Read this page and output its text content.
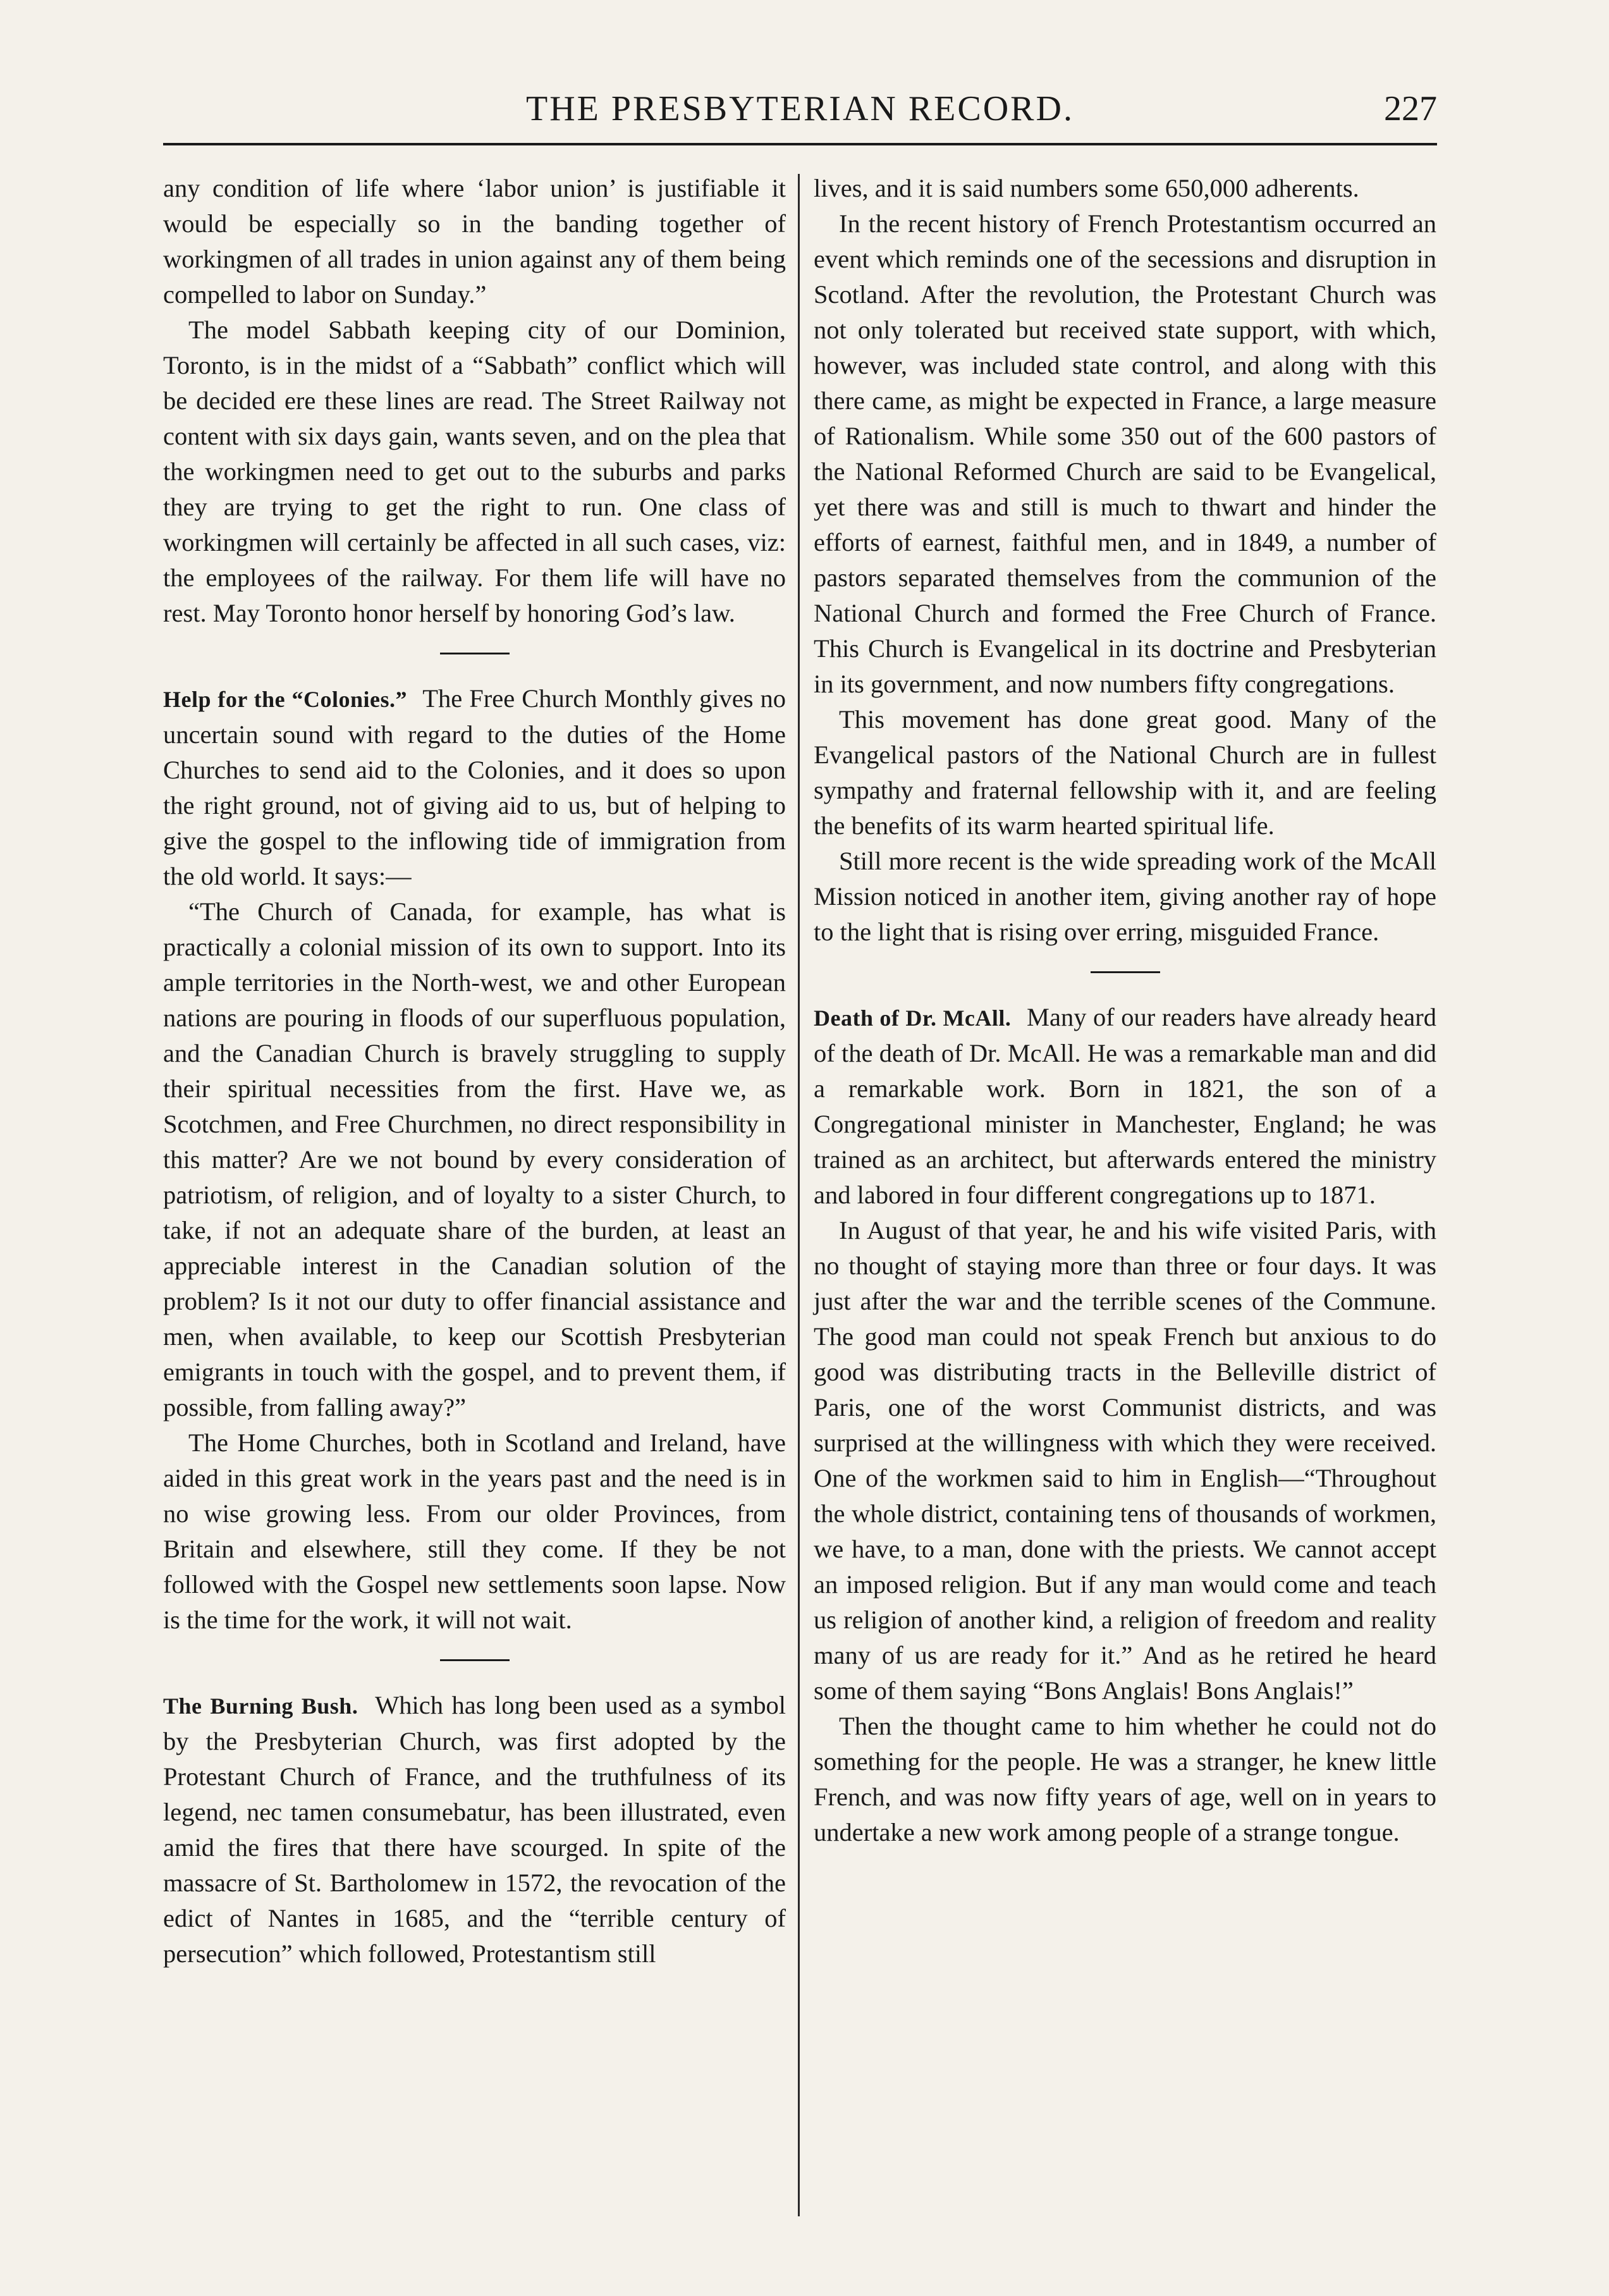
THE PRESBYTERIAN RECORD.	227

any condition of life where ‘labor union’ is justifiable it would be especially so in the banding together of workingmen of all trades in union against any of them being compelled to labor on Sunday.”

The model Sabbath keeping city of our Dominion, Toronto, is in the midst of a “Sabbath” conflict which will be decided ere these lines are read. The Street Railway not content with six days gain, wants seven, and on the plea that the workingmen need to get out to the suburbs and parks they are trying to get the right to run. One class of workingmen will certainly be affected in all such cases, viz: the employees of the railway. For them life will have no rest. May Toronto honor herself by honoring God’s law.

Help for the “Colonies.” The Free Church Monthly gives no uncertain sound with regard to the duties of the Home Churches to send aid to the Colonies, and it does so upon the right ground, not of giving aid to us, but of helping to give the gospel to the inflowing tide of immigration from the old world. It says:—

“The Church of Canada, for example, has what is practically a colonial mission of its own to support. Into its ample territories in the North-west, we and other European nations are pouring in floods of our superfluous population, and the Canadian Church is bravely struggling to supply their spiritual necessities from the first. Have we, as Scotchmen, and Free Churchmen, no direct responsibility in this matter? Are we not bound by every consideration of patriotism, of religion, and of loyalty to a sister Church, to take, if not an adequate share of the burden, at least an appreciable interest in the Canadian solution of the problem? Is it not our duty to offer financial assistance and men, when available, to keep our Scottish Presbyterian emigrants in touch with the gospel, and to prevent them, if possible, from falling away?”

The Home Churches, both in Scotland and Ireland, have aided in this great work in the years past and the need is in no wise growing less. From our older Provinces, from Britain and elsewhere, still they come. If they be not followed with the Gospel new settlements soon lapse. Now is the time for the work, it will not wait.

The Burning Bush. Which has long been used as a symbol by the Presbyterian Church, was first adopted by the Protestant Church of France, and the truthfulness of its legend, nec tamen consumebatur, has been illustrated, even amid the fires that there have scourged. In spite of the massacre of St. Bartholomew in 1572, the revocation of the edict of Nantes in 1685, and the “terrible century of persecution” which followed, Protestantism still

lives, and it is said numbers some 650,000 adherents.

In the recent history of French Protestantism occurred an event which reminds one of the secessions and disruption in Scotland. After the revolution, the Protestant Church was not only tolerated but received state support, with which, however, was included state control, and along with this there came, as might be expected in France, a large measure of Rationalism. While some 350 out of the 600 pastors of the National Reformed Church are said to be Evangelical, yet there was and still is much to thwart and hinder the efforts of earnest, faithful men, and in 1849, a number of pastors separated themselves from the communion of the National Church and formed the Free Church of France. This Church is Evangelical in its doctrine and Presbyterian in its government, and now numbers fifty congregations.

This movement has done great good. Many of the Evangelical pastors of the National Church are in fullest sympathy and fraternal fellowship with it, and are feeling the benefits of its warm hearted spiritual life.

Still more recent is the wide spreading work of the McAll Mission noticed in another item, giving another ray of hope to the light that is rising over erring, misguided France.

Death of Dr. McAll. Many of our readers have already heard of the death of Dr. McAll. He was a remarkable man and did a remarkable work. Born in 1821, the son of a Congregational minister in Manchester, England; he was trained as an architect, but afterwards entered the ministry and labored in four different congregations up to 1871.

In August of that year, he and his wife visited Paris, with no thought of staying more than three or four days. It was just after the war and the terrible scenes of the Commune. The good man could not speak French but anxious to do good was distributing tracts in the Belleville district of Paris, one of the worst Communist districts, and was surprised at the willingness with which they were received. One of the workmen said to him in English—“Throughout the whole district, containing tens of thousands of workmen, we have, to a man, done with the priests. We cannot accept an imposed religion. But if any man would come and teach us religion of another kind, a religion of freedom and reality many of us are ready for it.” And as he retired he heard some of them saying “Bons Anglais! Bons Anglais!”

Then the thought came to him whether he could not do something for the people. He was a stranger, he knew little French, and was now fifty years of age, well on in years to undertake a new work among people of a strange tongue.
